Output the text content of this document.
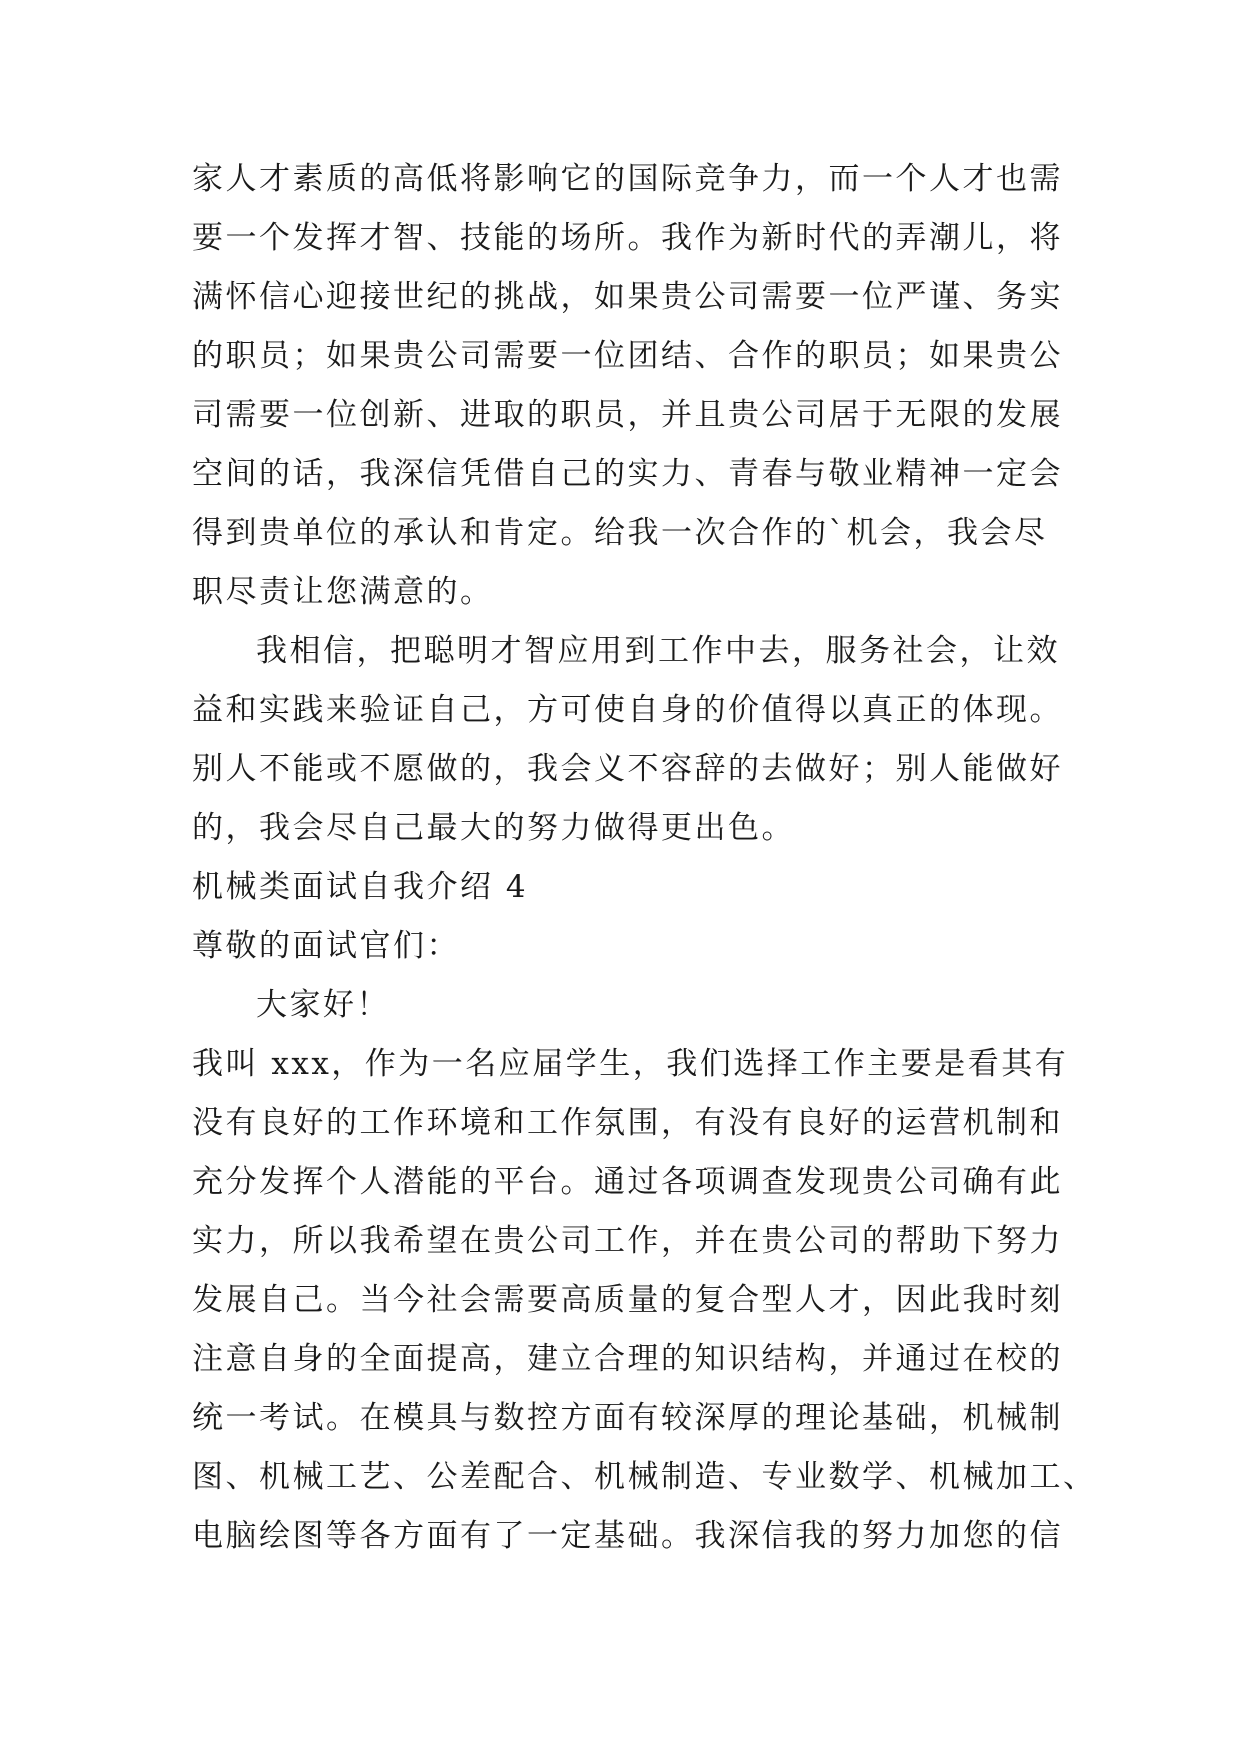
家人才素质的高低将影响它的国际竞争力，而一个人才也需
要一个发挥才智、技能的场所。我作为新时代的弄潮儿，将
满怀信心迎接世纪的挑战，如果贵公司需要一位严谨、务实
的职员；如果贵公司需要一位团结、合作的职员；如果贵公
司需要一位创新、进取的职员，并且贵公司居于无限的发展
空间的话，我深信凭借自己的实力、青春与敬业精神一定会
得到贵单位的承认和肯定。给我一次合作的`机会，我会尽
职尽责让您满意的。
我相信，把聪明才智应用到工作中去，服务社会，让效
益和实践来验证自己，方可使自身的价值得以真正的体现。
别人不能或不愿做的，我会义不容辞的去做好；别人能做好
的，我会尽自己最大的努力做得更出色。
机械类面试自我介绍 4
尊敬的面试官们：
大家好！
我叫 xxx，作为一名应届学生，我们选择工作主要是看其有
没有良好的工作环境和工作氛围，有没有良好的运营机制和
充分发挥个人潜能的平台。通过各项调查发现贵公司确有此
实力，所以我希望在贵公司工作，并在贵公司的帮助下努力
发展自己。当今社会需要高质量的复合型人才，因此我时刻
注意自身的全面提高，建立合理的知识结构，并通过在校的
统一考试。在模具与数控方面有较深厚的理论基础，机械制
图、机械工艺、公差配合、机械制造、专业数学、机械加工、
电脑绘图等各方面有了一定基础。我深信我的努力加您的信
